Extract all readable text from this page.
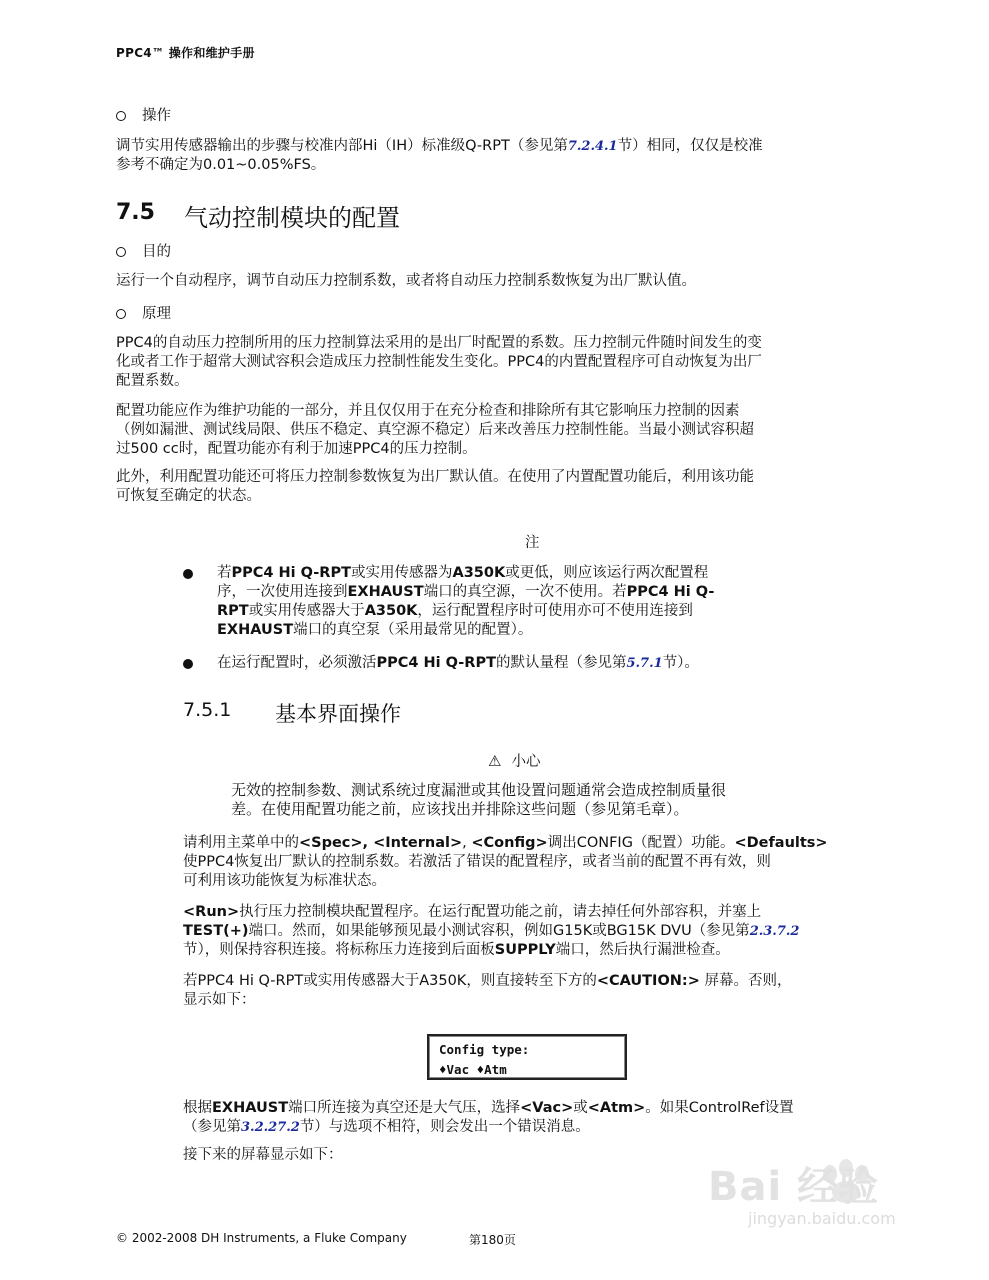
PPC4™ 操作和维护手册
操作
调节实用传感器输出的步骤与校准内部Hi（IH）标准级Q-RPT（参见第7.2.4.1节）相同，仅仅是校准
参考不确定为0.01~0.05%FS。
7.5 气动控制模块的配置
目的
运行一个自动程序，调节自动压力控制系数，或者将自动压力控制系数恢复为出厂默认值。
原理
PPC4的自动压力控制所用的压力控制算法采用的是出厂时配置的系数。压力控制元件随时间发生的变
化或者工作于超常大测试容积会造成压力控制性能发生变化。PPC4的内置配置程序可自动恢复为出厂
配置系数。
配置功能应作为维护功能的一部分，并且仅仅用于在充分检查和排除所有其它影响压力控制的因素
（例如漏泄、测试线局限、供压不稳定、真空源不稳定）后来改善压力控制性能。当最小测试容积超
过500 cc时，配置功能亦有利于加速PPC4的压力控制。
此外，利用配置功能还可将压力控制参数恢复为出厂默认值。在使用了内置配置功能后，利用该功能
可恢复至确定的状态。
注
若PPC4 Hi Q-RPT或实用传感器为A350K或更低，则应该运行两次配置程
序，一次使用连接到EXHAUST端口的真空源，一次不使用。若PPC4 Hi Q-
RPT或实用传感器大于A350K，运行配置程序时可使用亦可不使用连接到
EXHAUST端口的真空泵（采用最常见的配置）。
在运行配置时，必须激活PPC4 Hi Q-RPT的默认量程（参见第5.7.1节）。
7.5.1 基本界面操作
⚠ 小心
无效的控制参数、测试系统过度漏泄或其他设置问题通常会造成控制质量很
差。在使用配置功能之前，应该找出并排除这些问题（参见第毛章）。
请利用主菜单中的<Spec>, <Internal>, <Config>调出CONFIG（配置）功能。<Defaults>
使PPC4恢复出厂默认的控制系数。若激活了错误的配置程序，或者当前的配置不再有效，则
可利用该功能恢复为标准状态。
<Run>执行压力控制模块配置程序。在运行配置功能之前，请去掉任何外部容积，并塞上
TEST(+)端口。然而，如果能够预见最小测试容积，例如G15K或BG15K DVU（参见第2.3.7.2
节），则保持容积连接。将标称压力连接到后面板SUPPLY端口，然后执行漏泄检查。
若PPC4 Hi Q-RPT或实用传感器大于A350K，则直接转至下方的<CAUTION:> 屏幕。否则，
显示如下：
Config type:
♦Vac ♦Atm
根据EXHAUST端口所连接为真空还是大气压，选择<Vac>或<Atm>。如果ControlRef设置
（参见第3.2.27.2节）与选项不相符，则会发出一个错误消息。
接下来的屏幕显示如下：
Bai 经验
jingyan.baidu.com
© 2002-2008 DH Instruments, a Fluke Company	第180页
